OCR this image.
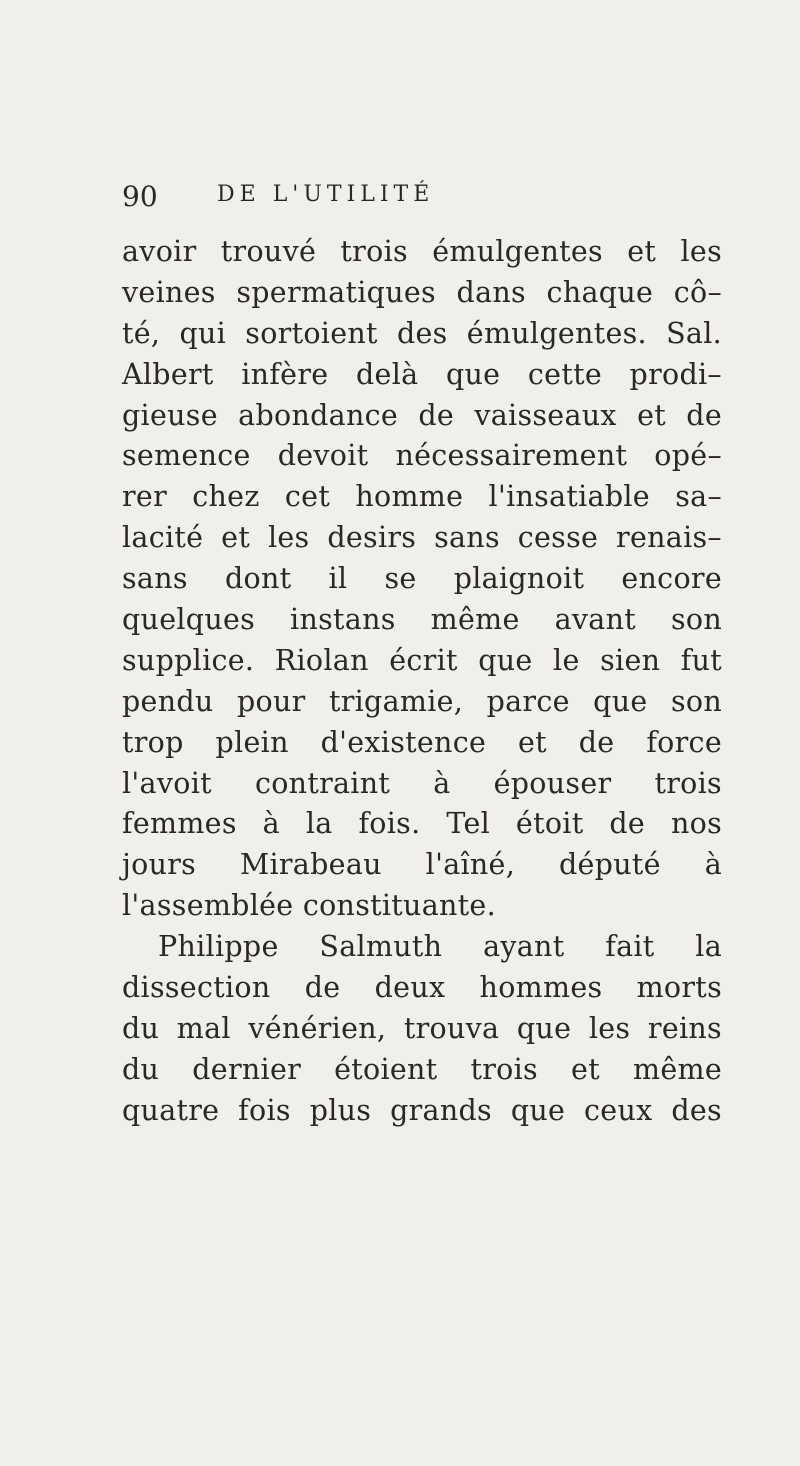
90	DE L'UTILITÉ
avoir trouvé trois émulgentes et les
veines spermatiques dans chaque cô–
té, qui sortoient des émulgentes. Sal.
Albert infère delà que cette prodi–
gieuse abondance de vaisseaux et de
semence devoit nécessairement opé–
rer chez cet homme l'insatiable sa–
lacité et les desirs sans cesse renais–
sans dont il se plaignoit encore
quelques instans même avant son
supplice. Riolan écrit que le sien fut
pendu pour trigamie, parce que son
trop plein d'existence et de force
l'avoit contraint à épouser trois
femmes à la fois. Tel étoit de nos
jours Mirabeau l'aîné, député à
l'assemblée constituante.
Philippe Salmuth ayant fait la
dissection de deux hommes morts
du mal vénérien, trouva que les reins
du dernier étoient trois et même
quatre fois plus grands que ceux des
